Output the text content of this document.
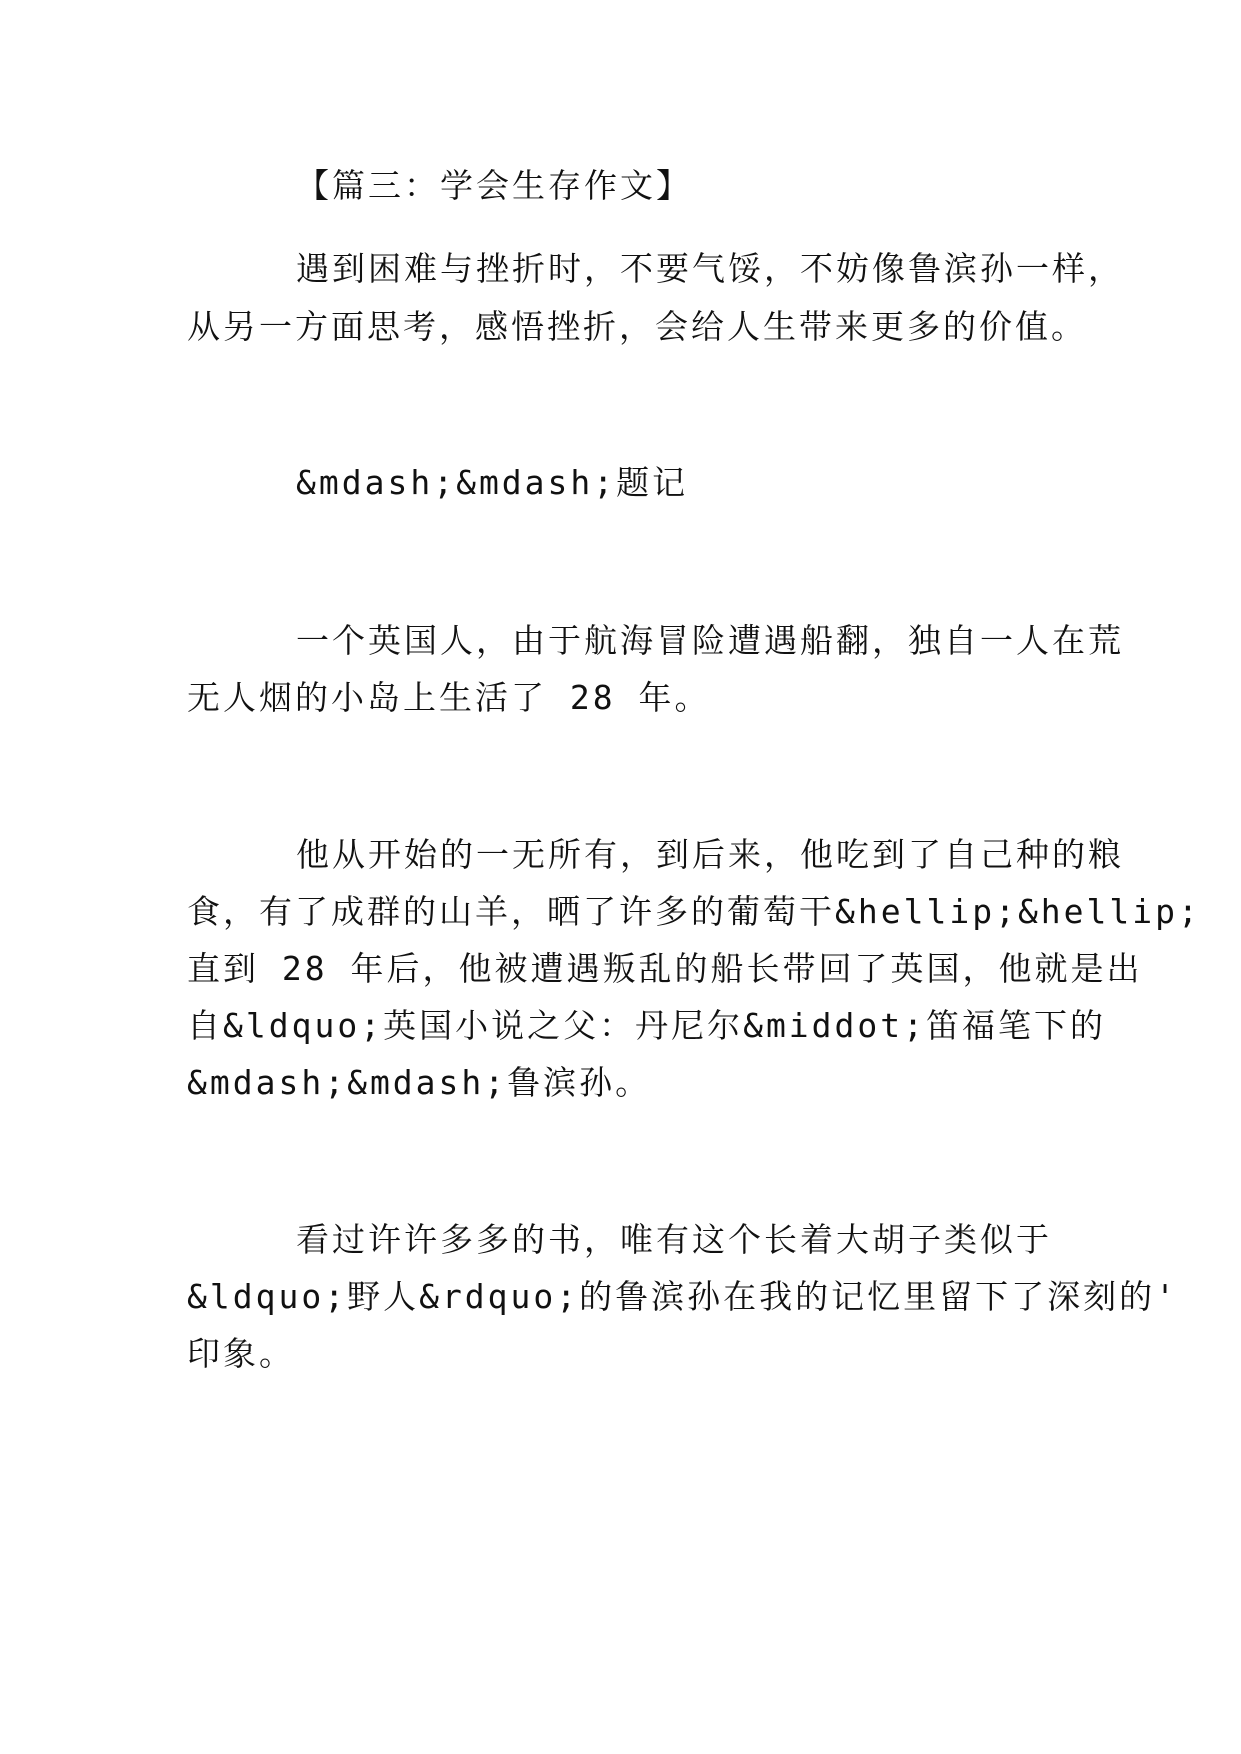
【篇三：学会生存作文】
遇到困难与挫折时，不要气馁，不妨像鲁滨孙一样，
从另一方面思考，感悟挫折，会给人生带来更多的价值。
&mdash;&mdash;题记
一个英国人，由于航海冒险遭遇船翻，独自一人在荒
无人烟的小岛上生活了 28 年。
他从开始的一无所有，到后来，他吃到了自己种的粮
食，有了成群的山羊，晒了许多的葡萄干&hellip;&hellip;
直到 28 年后，他被遭遇叛乱的船长带回了英国，他就是出
自&ldquo;英国小说之父：丹尼尔&middot;笛福笔下的
&mdash;&mdash;鲁滨孙。
看过许许多多的书，唯有这个长着大胡子类似于
&ldquo;野人&rdquo;的鲁滨孙在我的记忆里留下了深刻的'
印象。
